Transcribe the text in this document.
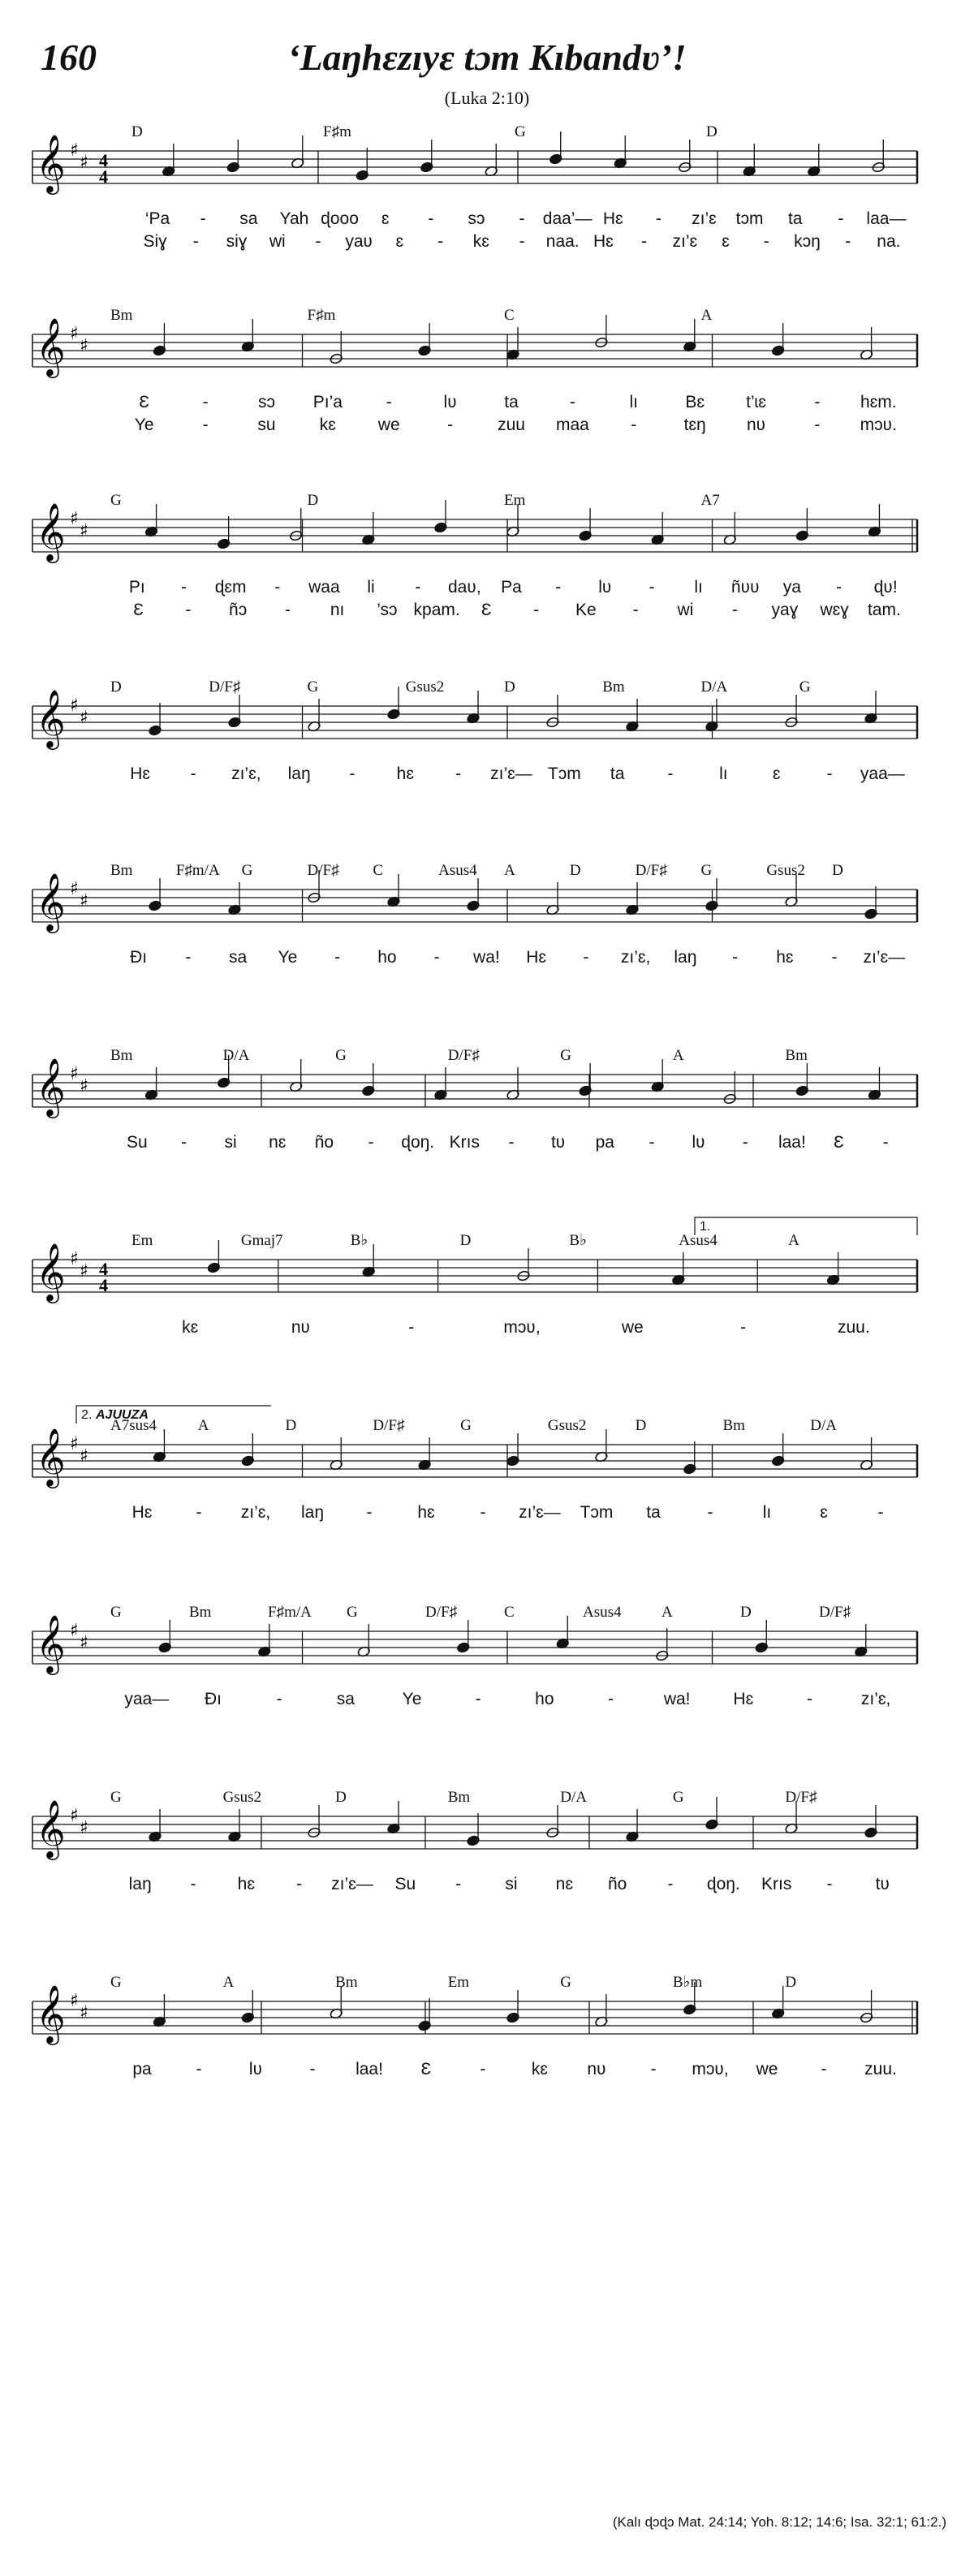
160	‘Laŋhɛzıyɛ tɔm Kıbandʋ’!
(Luka 2:10)
𝄞 ♯
♯ 4
4
D	F♯m	G	D
‘Pa - sa Yah ɖooo ɛ - sɔ - daa’— Hɛ - zı’ɛ tɔm ta - laa—
Siɣ - siɣ wi - yaʋ ɛ - kɛ - naa. Hɛ - zı’ɛ ɛ - kɔŋ - na.
𝄞 ♯
♯
Bm	F♯m	C	A
Ɛ	-	sɔ Pı’a	-	lʋ	ta	-	lı	Bɛ t’ɩɛ	- hɛm.
Ye	-	su	kɛ we	-	zuu maa -	tɛŋ nʋ	- mɔʋ.
𝄞 ♯
♯
G	D	Em	A7
Pı - ɖɛm - waa li - daʋ, Pa - lʋ - lı ñʋʋ ya - ɖʋ!
Ɛ - ñɔ - nı ’sɔ kpam. Ɛ - Ke - wi - yaɣ wɛɣ tam.
𝄞 ♯
♯
D	D/F♯	G	Gsus2	D	Bm	D/A	G
Hɛ - zı’ɛ, laŋ - hɛ - zı’ɛ— Tɔm ta	-	lı	ɛ	- yaa—
𝄞 ♯
♯
Bm	F♯m/A G	D/F♯ C	Asus4 A	D	D/F♯ G	Gsus2 D
Ɖı - sa Ye - ho - wa! Hɛ - zı’ɛ, laŋ - hɛ - zı’ɛ—
𝄞 ♯
♯
Bm	D/A	G	D/F♯	G	A	Bm
Su - si nɛ ño - ɖoŋ. Krıs - tʋ pa - lʋ - laa! Ɛ -
𝄞 ♯
♯ 4
4
Em	Gmaj7	B♭	D	B♭	Asus4	A
1.
kɛ	nʋ	-	mɔʋ,	we	-	zuu.
𝄞 ♯
♯
A7sus4	A	D	D/F♯	G	Gsus2	D	Bm	D/A
2. AJUUZA
Hɛ	- zı’ɛ, laŋ -	hɛ	- zı’ɛ— Tɔm ta	-	lı	ɛ	-
𝄞 ♯
♯
G	Bm	F♯m/A G	D/F♯	C	Asus4	A	D	D/F♯
yaa— Ɖı	-	sa	Ye	-	ho	-	wa!	Hɛ	-	zı’ɛ,
𝄞 ♯
♯
G	Gsus2	D	Bm	D/A	G	D/F♯
laŋ - hɛ - zı’ɛ— Su -	si nɛ ño - ɖoŋ. Krıs -	tʋ
𝄞 ♯
♯
G	A	Bm	Em	G	B♭m	D
pa	-	lʋ	- laa! Ɛ	-	kɛ nʋ	- mɔʋ, we	- zuu.
(Kalı ɖɔɖɔ Mat. 24:14; Yoh. 8:12; 14:6; Isa. 32:1; 61:2.)
